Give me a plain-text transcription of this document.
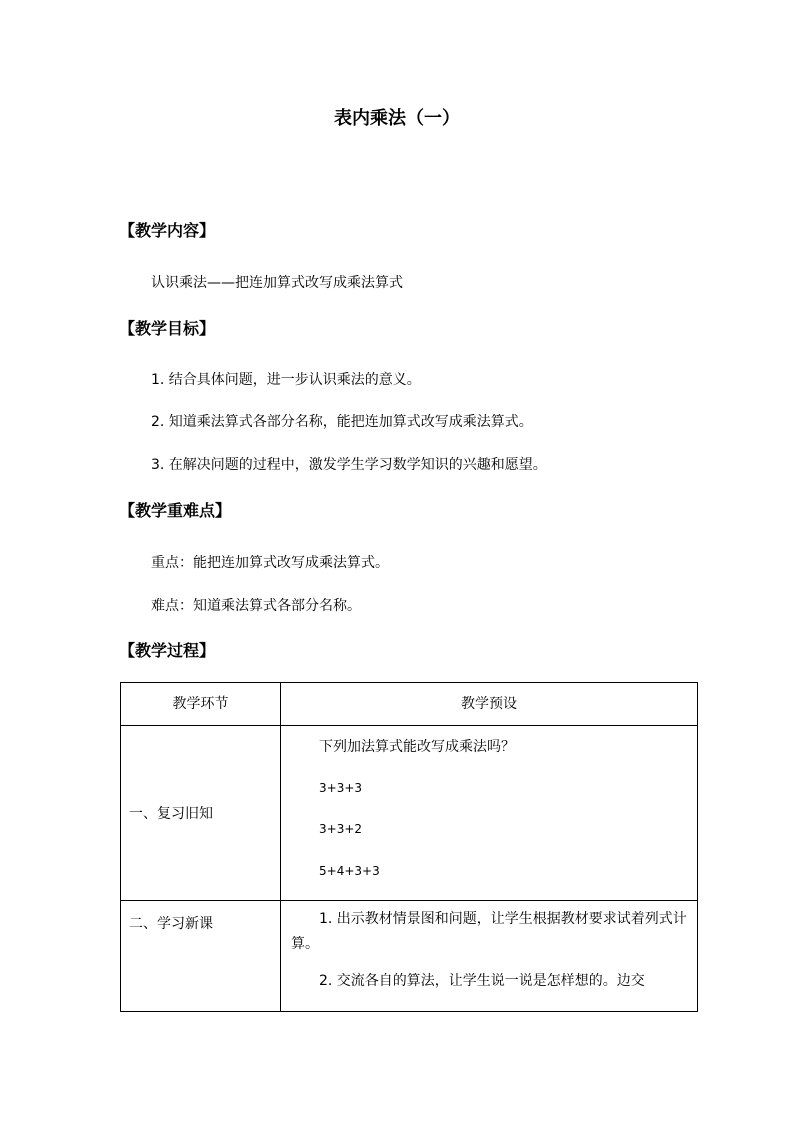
表内乘法（一）
【教学内容】
认识乘法——把连加算式改写成乘法算式
【教学目标】
1. 结合具体问题，进一步认识乘法的意义。
2. 知道乘法算式各部分名称，能把连加算式改写成乘法算式。
3. 在解决问题的过程中，激发学生学习数学知识的兴趣和愿望。
【教学重难点】
重点：能把连加算式改写成乘法算式。
难点：知道乘法算式各部分名称。
【教学过程】
教学环节	教学预设

一、复习旧知	下列加法算式能改写成乘法吗？
3+3+3
3+3+2
5+4+3+3

二、学习新课	1. 出示教材情景图和问题，让学生根据教材要求试着列式计算。

2. 交流各自的算法，让学生说一说是怎样想的。边交
